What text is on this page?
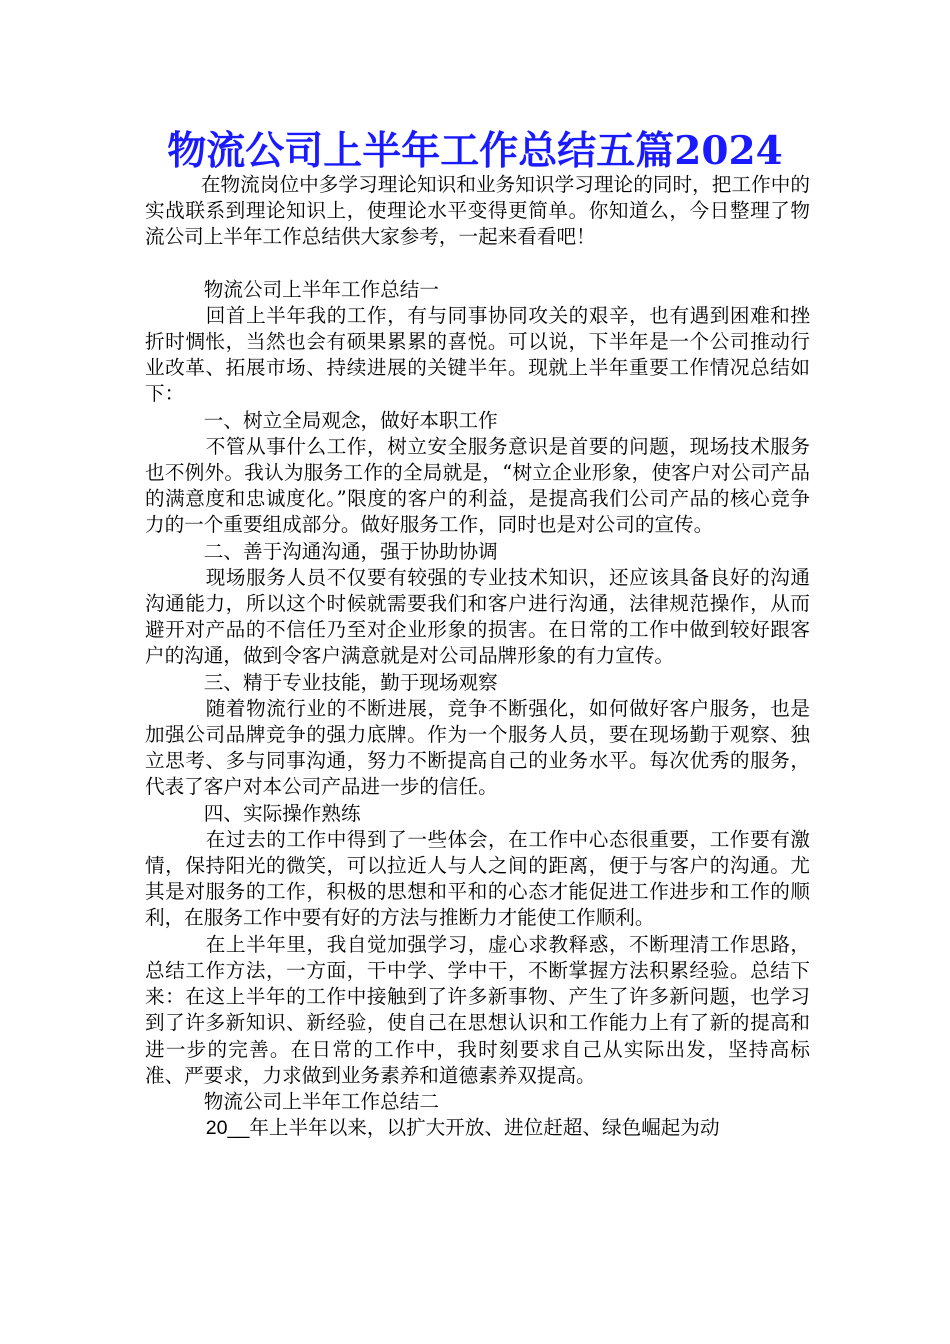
物流公司上半年工作总结五篇2024

在物流岗位中多学习理论知识和业务知识学习理论的同时，把工作中的实战联系到理论知识上，使理论水平变得更简单。你知道么，今日整理了物流公司上半年工作总结供大家参考，一起来看看吧！

物流公司上半年工作总结一

回首上半年我的工作，有与同事协同攻关的艰辛，也有遇到困难和挫折时惆怅，当然也会有硕果累累的喜悦。可以说，下半年是一个公司推动行业改革、拓展市场、持续进展的关键半年。现就上半年重要工作情况总结如下：

一、树立全局观念，做好本职工作

不管从事什么工作，树立安全服务意识是首要的问题，现场技术服务也不例外。我认为服务工作的全局就是，“树立企业形象，使客户对公司产品的满意度和忠诚度化。”限度的客户的利益，是提高我们公司产品的核心竞争力的一个重要组成部分。做好服务工作，同时也是对公司的宣传。

二、善于沟通沟通，强于协助协调

现场服务人员不仅要有较强的专业技术知识，还应该具备良好的沟通沟通能力，所以这个时候就需要我们和客户进行沟通，法律规范操作，从而避开对产品的不信任乃至对企业形象的损害。在日常的工作中做到较好跟客户的沟通，做到令客户满意就是对公司品牌形象的有力宣传。

三、精于专业技能，勤于现场观察

随着物流行业的不断进展，竞争不断强化，如何做好客户服务，也是加强公司品牌竞争的强力底牌。作为一个服务人员，要在现场勤于观察、独立思考、多与同事沟通，努力不断提高自己的业务水平。每次优秀的服务，代表了客户对本公司产品进一步的信任。

四、实际操作熟练

在过去的工作中得到了一些体会，在工作中心态很重要，工作要有激情，保持阳光的微笑，可以拉近人与人之间的距离，便于与客户的沟通。尤其是对服务的工作，积极的思想和平和的心态才能促进工作进步和工作的顺利，在服务工作中要有好的方法与推断力才能使工作顺利。

在上半年里，我自觉加强学习，虚心求教释惑，不断理清工作思路，总结工作方法，一方面，干中学、学中干，不断掌握方法积累经验。总结下来：在这上半年的工作中接触到了许多新事物、产生了许多新问题，也学习到了许多新知识、新经验，使自己在思想认识和工作能力上有了新的提高和进一步的完善。在日常的工作中，我时刻要求自己从实际出发，坚持高标准、严要求，力求做到业务素养和道德素养双提高。

物流公司上半年工作总结二

20__年上半年以来，以扩大开放、进位赶超、绿色崛起为动
